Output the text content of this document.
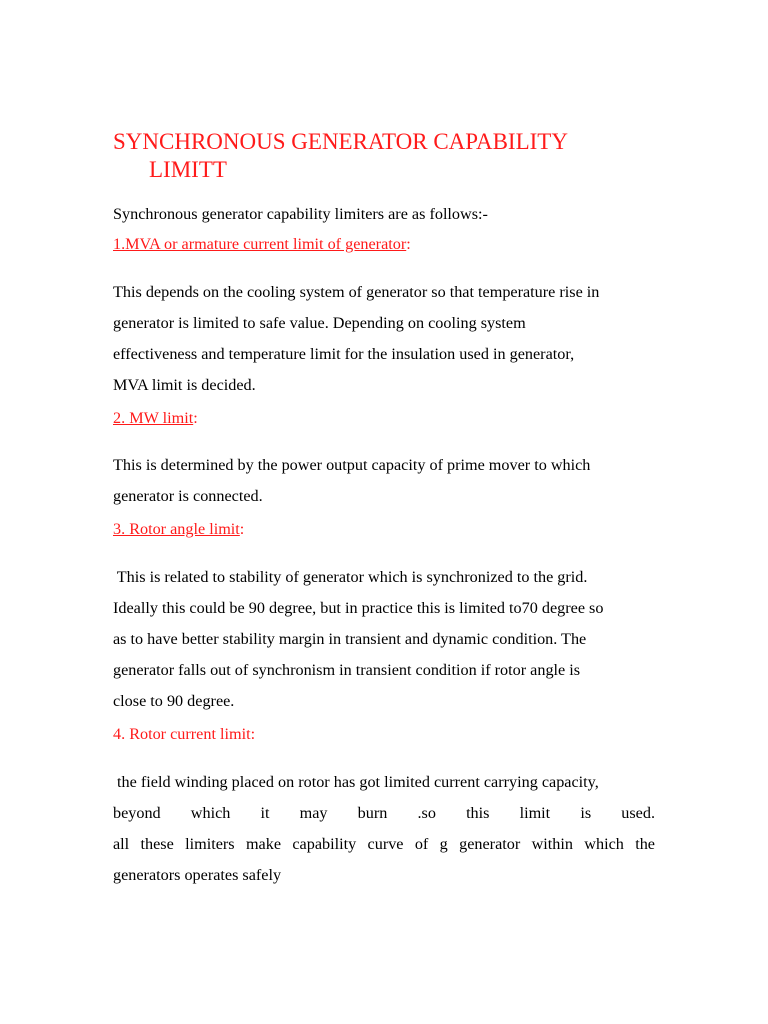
SYNCHRONOUS GENERATOR CAPABILITY
LIMITT

Synchronous generator capability limiters are as follows:-

1.MVA or armature current limit of generator:

This depends on the cooling system of generator so that temperature rise in

generator is limited to safe value. Depending on cooling system

effectiveness and temperature limit for the insulation used in generator,

MVA limit is decided.

2. MW limit:

This is determined by the power output capacity of prime mover to which

generator is connected.

3. Rotor angle limit:

This is related to stability of generator which is synchronized to the grid.

Ideally this could be 90 degree, but in practice this is limited to70 degree so

as to have better stability margin in transient and dynamic condition. The

generator falls out of synchronism in transient condition if rotor angle is

close to 90 degree.

4. Rotor current limit:

the field winding placed on rotor has got limited current carrying capacity,

beyond which it may burn .so this limit is used.

all these limiters make capability curve of g generator within which the

generators operates safely
